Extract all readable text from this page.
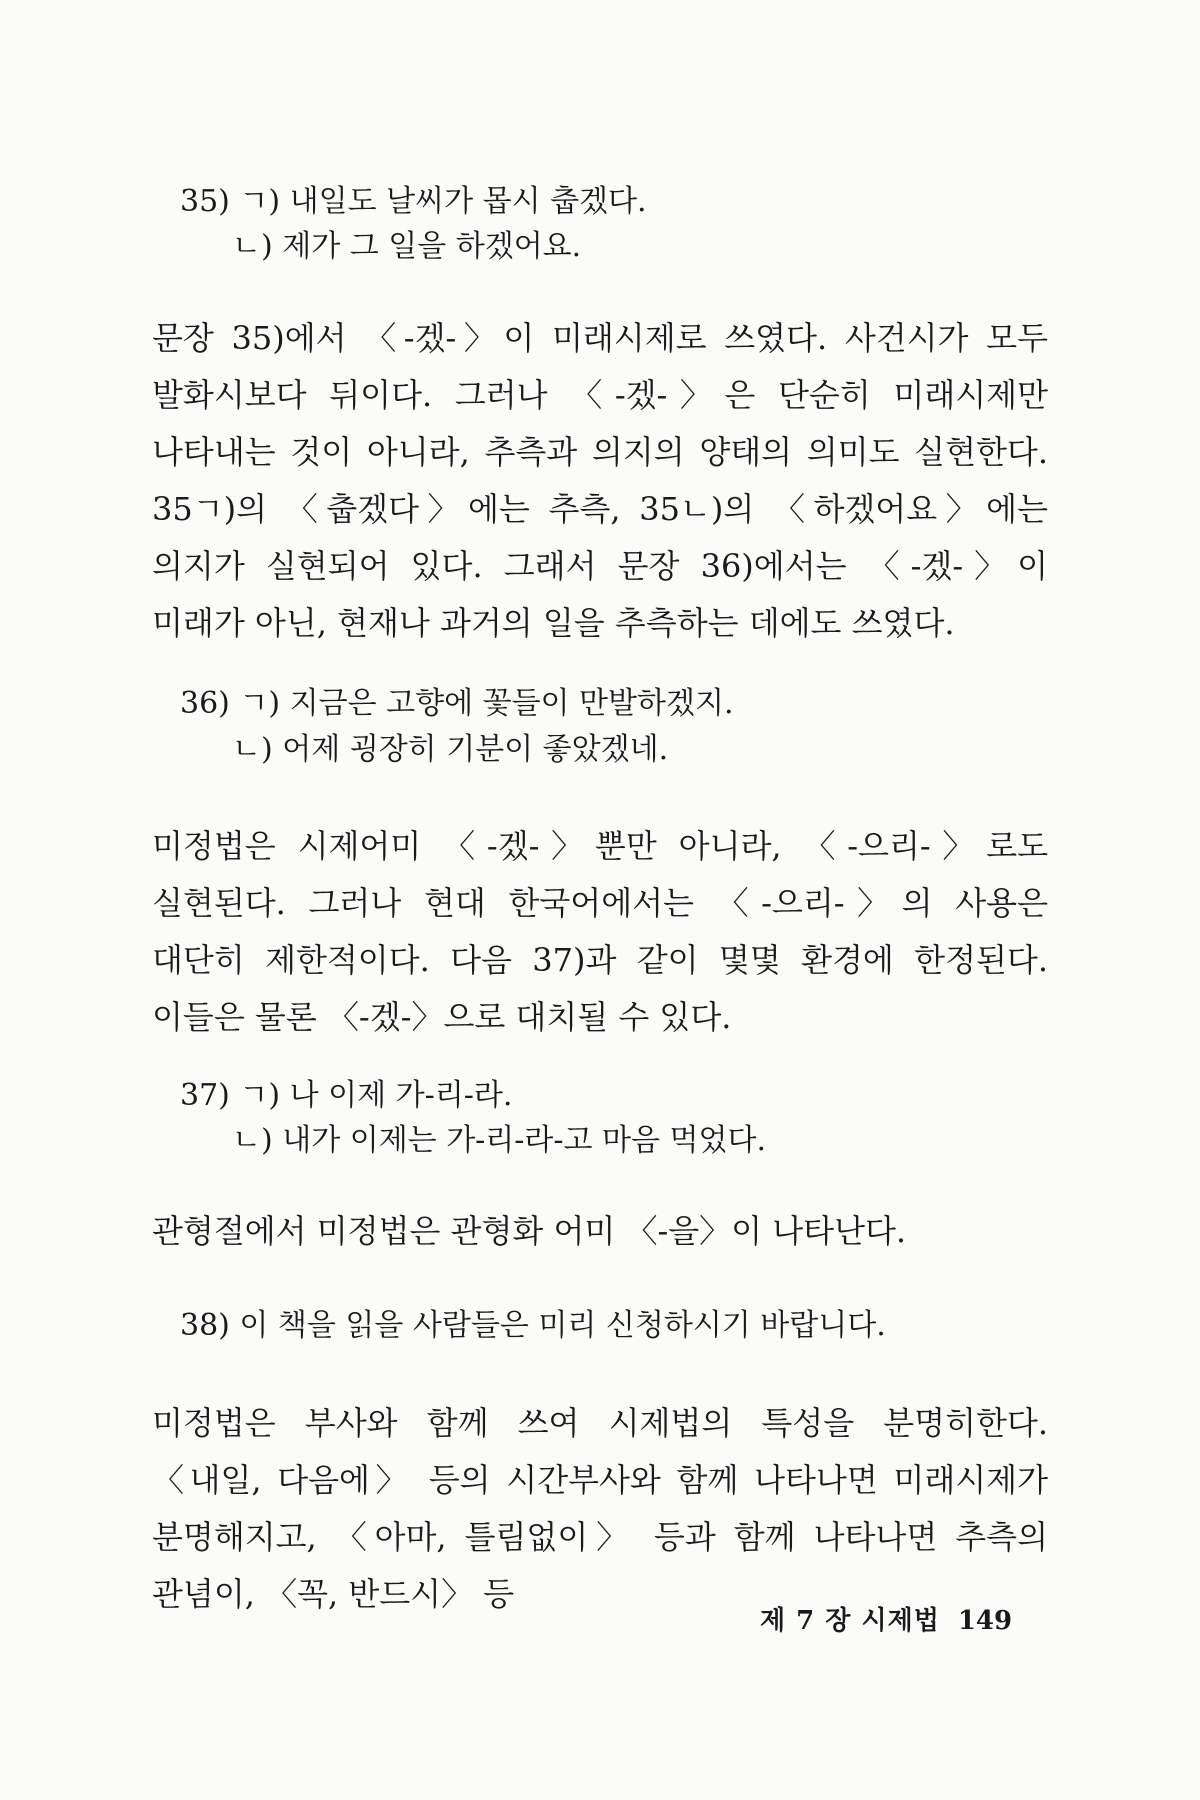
35) ㄱ) 내일도 날씨가 몹시 춥겠다.
ㄴ) 제가 그 일을 하겠어요.
문장 35)에서 〈-겠-〉이 미래시제로 쓰였다. 사건시가 모두 발화시보다 뒤이다. 그러나 〈-겠-〉은 단순히 미래시제만 나타내는 것이 아니라, 추측과 의지의 양태의 의미도 실현한다. 35ㄱ)의 〈춥겠다〉에는 추측, 35ㄴ)의 〈하겠어요〉에는 의지가 실현되어 있다. 그래서 문장 36)에서는 〈-겠-〉이 미래가 아닌, 현재나 과거의 일을 추측하는 데에도 쓰였다.
36) ㄱ) 지금은 고향에 꽃들이 만발하겠지.
ㄴ) 어제 굉장히 기분이 좋았겠네.
미정법은 시제어미 〈-겠-〉뿐만 아니라, 〈-으리-〉로도 실현된다. 그러나 현대 한국어에서는 〈-으리-〉의 사용은 대단히 제한적이다. 다음 37)과 같이 몇몇 환경에 한정된다. 이들은 물론 〈-겠-〉으로 대치될 수 있다.
37) ㄱ) 나 이제 가-리-라.
ㄴ) 내가 이제는 가-리-라-고 마음 먹었다.
관형절에서 미정법은 관형화 어미 〈-을〉이 나타난다.
38) 이 책을 읽을 사람들은 미리 신청하시기 바랍니다.
미정법은 부사와 함께 쓰여 시제법의 특성을 분명히한다. 〈내일, 다음에〉 등의 시간부사와 함께 나타나면 미래시제가 분명해지고, 〈아마, 틀림없이〉 등과 함께 나타나면 추측의 관념이, 〈꼭, 반드시〉 등
제 7 장 시제법 149
